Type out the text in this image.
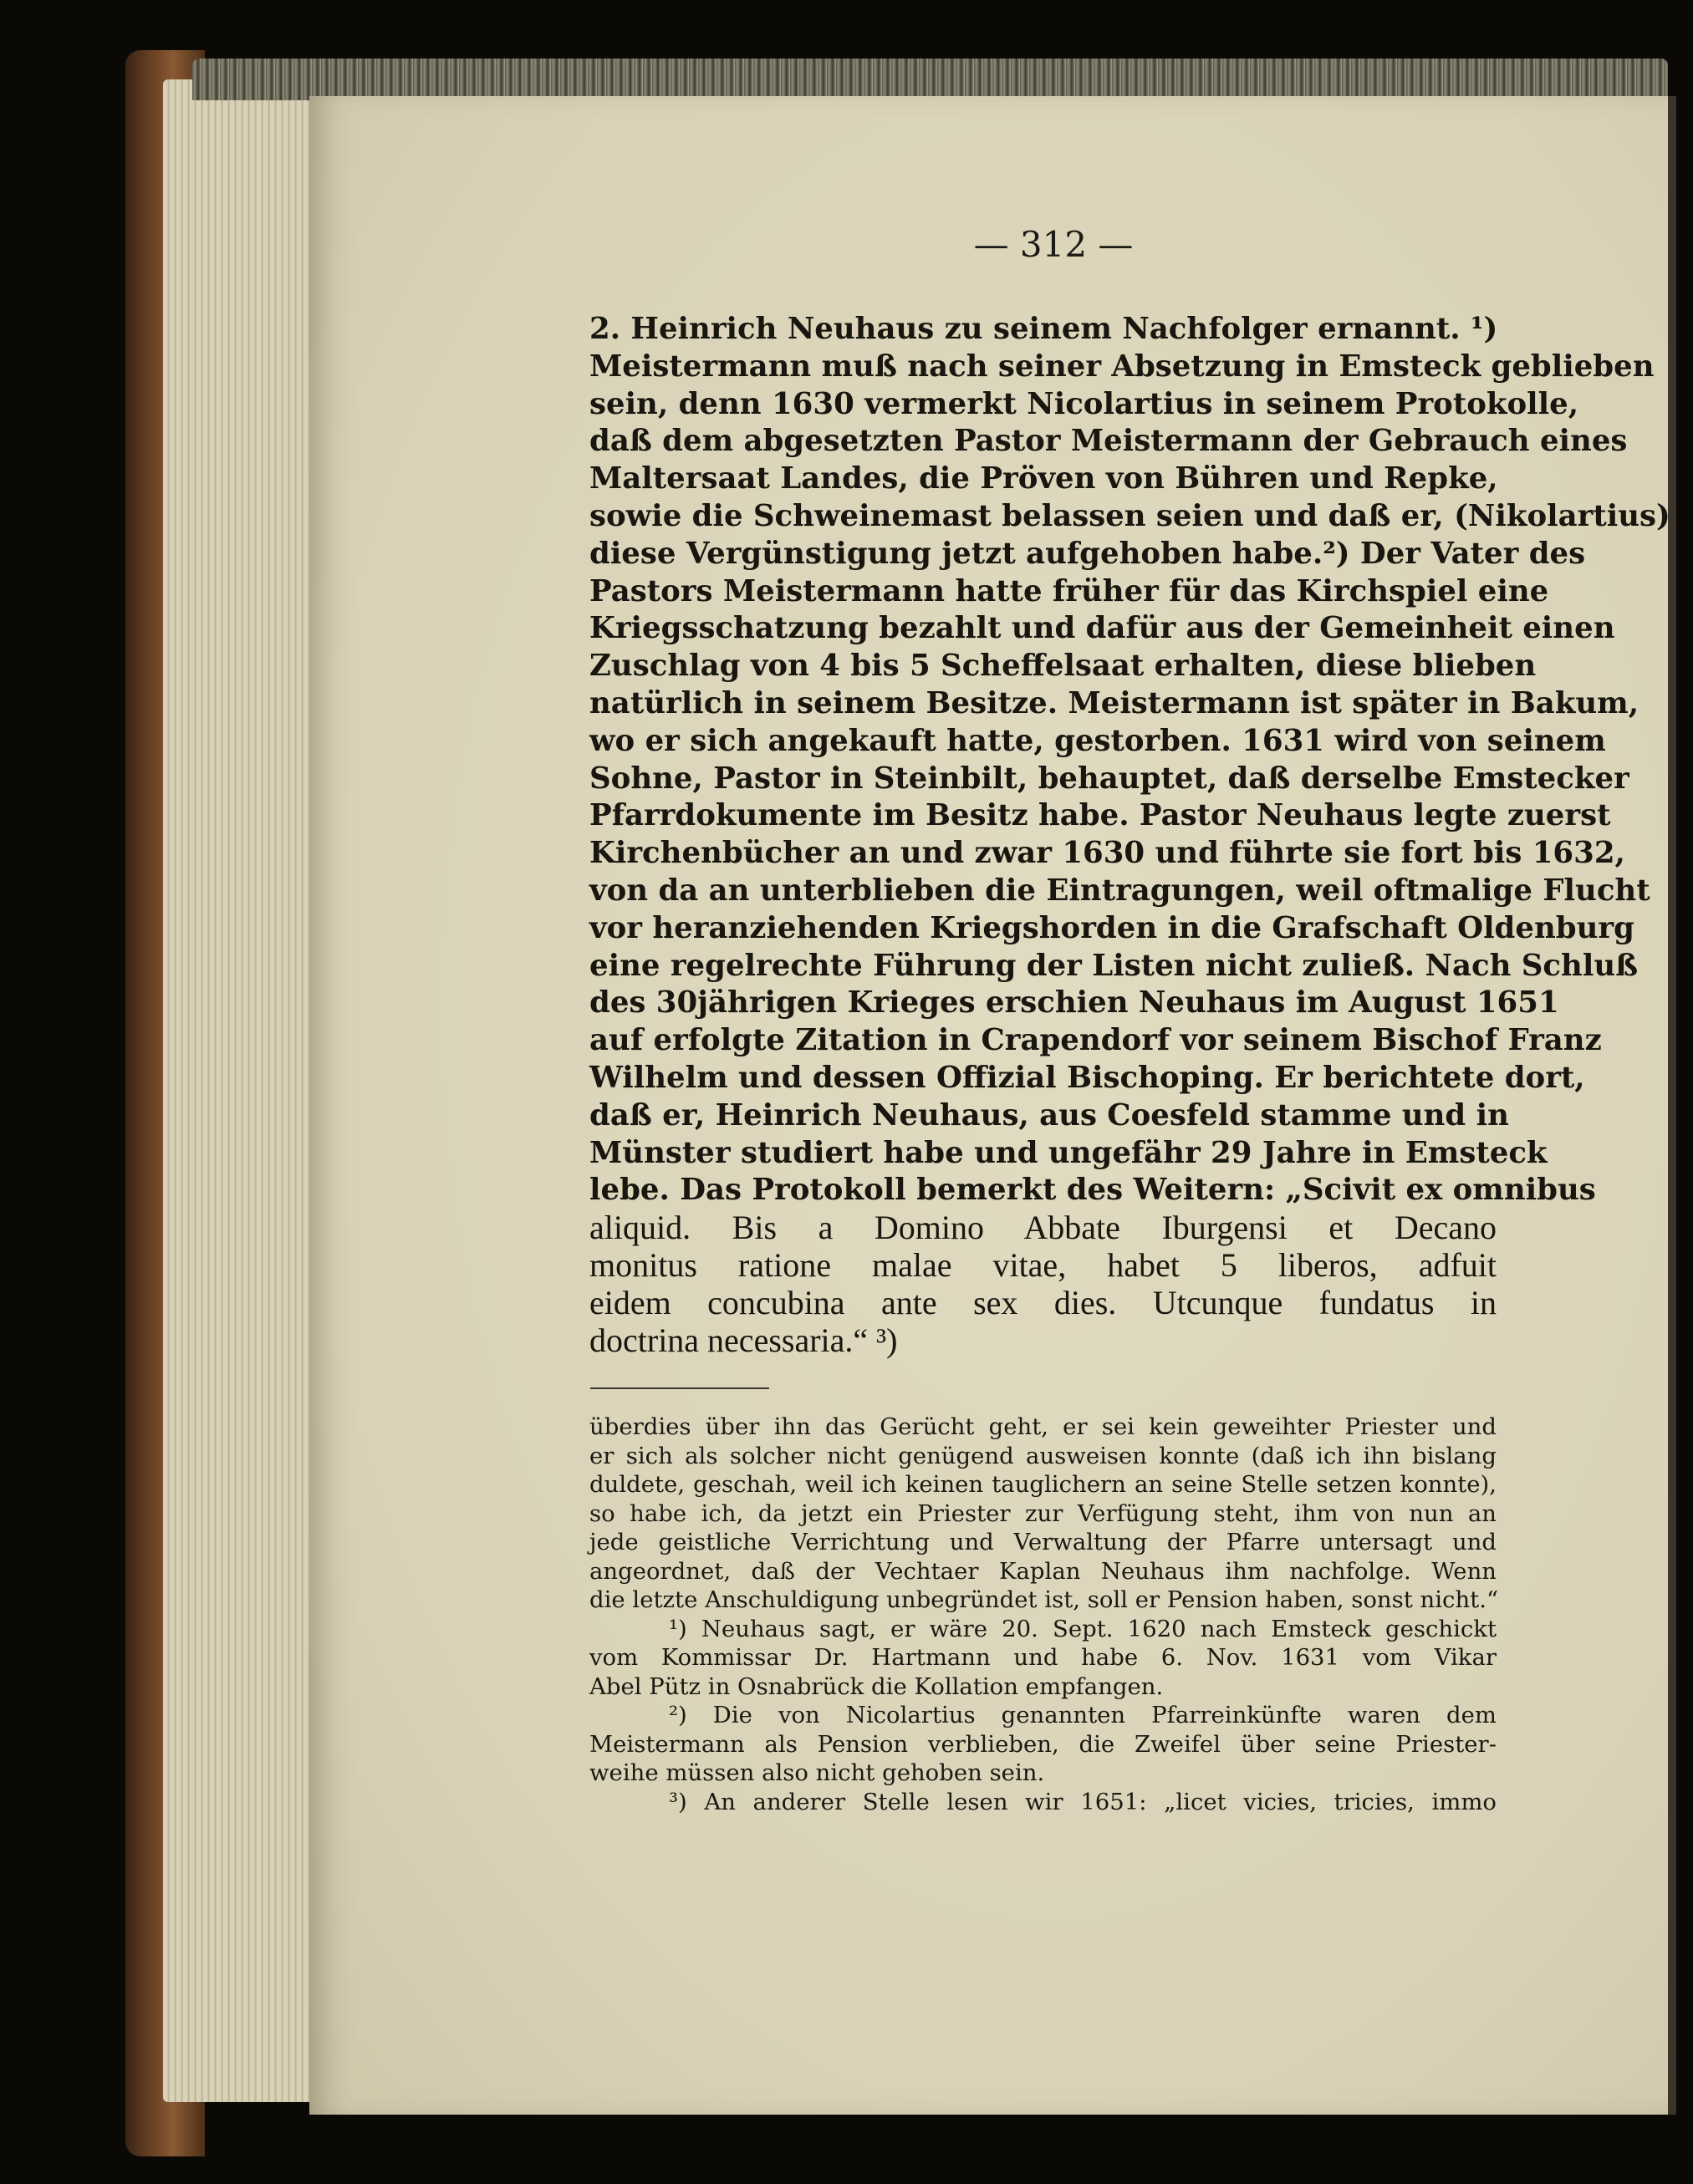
— 312 —
2. Heinrich Neuhaus zu seinem Nachfolger ernannt. ¹)
Meistermann muß nach seiner Absetzung in Emsteck geblieben
sein, denn 1630 vermerkt Nicolartius in seinem Protokolle,
daß dem abgesetzten Pastor Meistermann der Gebrauch eines
Maltersaat Landes, die Pröven von Bühren und Repke,
sowie die Schweinemast belassen seien und daß er, (Nikolartius)
diese Vergünstigung jetzt aufgehoben habe.²) Der Vater des
Pastors Meistermann hatte früher für das Kirchspiel eine
Kriegsschatzung bezahlt und dafür aus der Gemeinheit einen
Zuschlag von 4 bis 5 Scheffelsaat erhalten, diese blieben
natürlich in seinem Besitze. Meistermann ist später in Bakum,
wo er sich angekauft hatte, gestorben. 1631 wird von seinem
Sohne, Pastor in Steinbilt, behauptet, daß derselbe Emstecker
Pfarrdokumente im Besitz habe. Pastor Neuhaus legte zuerst
Kirchenbücher an und zwar 1630 und führte sie fort bis 1632,
von da an unterblieben die Eintragungen, weil oftmalige Flucht
vor heranziehenden Kriegshorden in die Grafschaft Oldenburg
eine regelrechte Führung der Listen nicht zuließ. Nach Schluß
des 30jährigen Krieges erschien Neuhaus im August 1651
auf erfolgte Zitation in Crapendorf vor seinem Bischof Franz
Wilhelm und dessen Offizial Bischoping. Er berichtete dort,
daß er, Heinrich Neuhaus, aus Coesfeld stamme und in
Münster studiert habe und ungefähr 29 Jahre in Emsteck
lebe. Das Protokoll bemerkt des Weitern: „Scivit ex omnibus
aliquid. Bis a Domino Abbate Iburgensi et Decano
monitus ratione malae vitae, habet 5 liberos, adfuit
eidem concubina ante sex dies. Utcunque fundatus in
doctrina necessaria.“ ³)
überdies über ihn das Gerücht geht, er sei kein geweihter Priester und
er sich als solcher nicht genügend ausweisen konnte (daß ich ihn bislang
duldete, geschah, weil ich keinen tauglichern an seine Stelle setzen konnte),
so habe ich, da jetzt ein Priester zur Verfügung steht, ihm von nun an
jede geistliche Verrichtung und Verwaltung der Pfarre untersagt und
angeordnet, daß der Vechtaer Kaplan Neuhaus ihm nachfolge. Wenn
die letzte Anschuldigung unbegründet ist, soll er Pension haben, sonst nicht.“
¹) Neuhaus sagt, er wäre 20. Sept. 1620 nach Emsteck geschickt
vom Kommissar Dr. Hartmann und habe 6. Nov. 1631 vom Vikar
Abel Pütz in Osnabrück die Kollation empfangen.
²) Die von Nicolartius genannten Pfarreinkünfte waren dem
Meistermann als Pension verblieben, die Zweifel über seine Priester-
weihe müssen also nicht gehoben sein.
³) An anderer Stelle lesen wir 1651: „licet vicies, tricies, immo
